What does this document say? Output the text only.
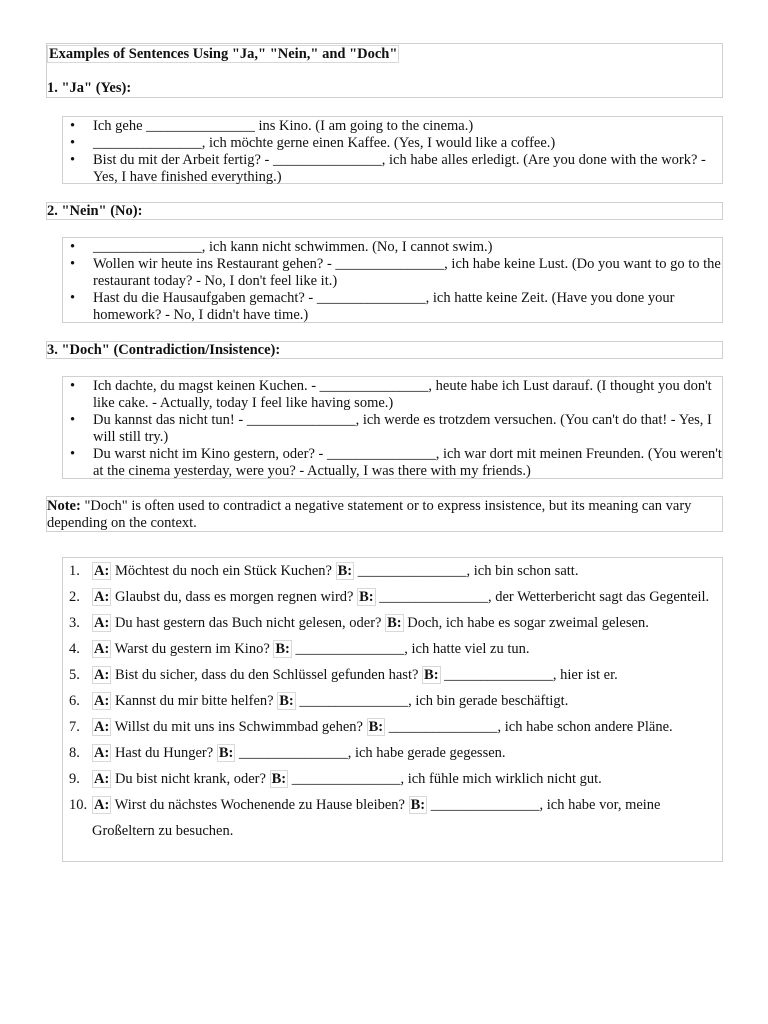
Examples of Sentences Using "Ja," "Nein," and "Doch"
1. "Ja" (Yes):
• Ich gehe _______________ ins Kino. (I am going to the cinema.)
• _______________, ich möchte gerne einen Kaffee. (Yes, I would like a coffee.)
• Bist du mit der Arbeit fertig? - _______________, ich habe alles erledigt. (Are you done with the work? - Yes, I have finished everything.)
2. "Nein" (No):
• _______________, ich kann nicht schwimmen. (No, I cannot swim.)
• Wollen wir heute ins Restaurant gehen? - _______________, ich habe keine Lust. (Do you want to go to the restaurant today? - No, I don't feel like it.)
• Hast du die Hausaufgaben gemacht? - _______________, ich hatte keine Zeit. (Have you done your homework? - No, I didn't have time.)
3. "Doch" (Contradiction/Insistence):
• Ich dachte, du magst keinen Kuchen. - _______________, heute habe ich Lust darauf. (I thought you don't like cake. - Actually, today I feel like having some.)
• Du kannst das nicht tun! - _______________, ich werde es trotzdem versuchen. (You can't do that! - Yes, I will still try.)
• Du warst nicht im Kino gestern, oder? - _______________, ich war dort mit meinen Freunden. (You weren't at the cinema yesterday, were you? - Actually, I was there with my friends.)
Note: "Doch" is often used to contradict a negative statement or to express insistence, but its meaning can vary depending on the context.
1. A: Möchtest du noch ein Stück Kuchen? B: _______________, ich bin schon satt.
2. A: Glaubst du, dass es morgen regnen wird? B: _______________, der Wetterbericht sagt das Gegenteil.
3. A: Du hast gestern das Buch nicht gelesen, oder? B: Doch, ich habe es sogar zweimal gelesen.
4. A: Warst du gestern im Kino? B: _______________, ich hatte viel zu tun.
5. A: Bist du sicher, dass du den Schlüssel gefunden hast? B: _______________, hier ist er.
6. A: Kannst du mir bitte helfen? B: _______________, ich bin gerade beschäftigt.
7. A: Willst du mit uns ins Schwimmbad gehen? B: _______________, ich habe schon andere Pläne.
8. A: Hast du Hunger? B: _______________, ich habe gerade gegessen.
9. A: Du bist nicht krank, oder? B: _______________, ich fühle mich wirklich nicht gut.
10. A: Wirst du nächstes Wochenende zu Hause bleiben? B: _______________, ich habe vor, meine Großeltern zu besuchen.
